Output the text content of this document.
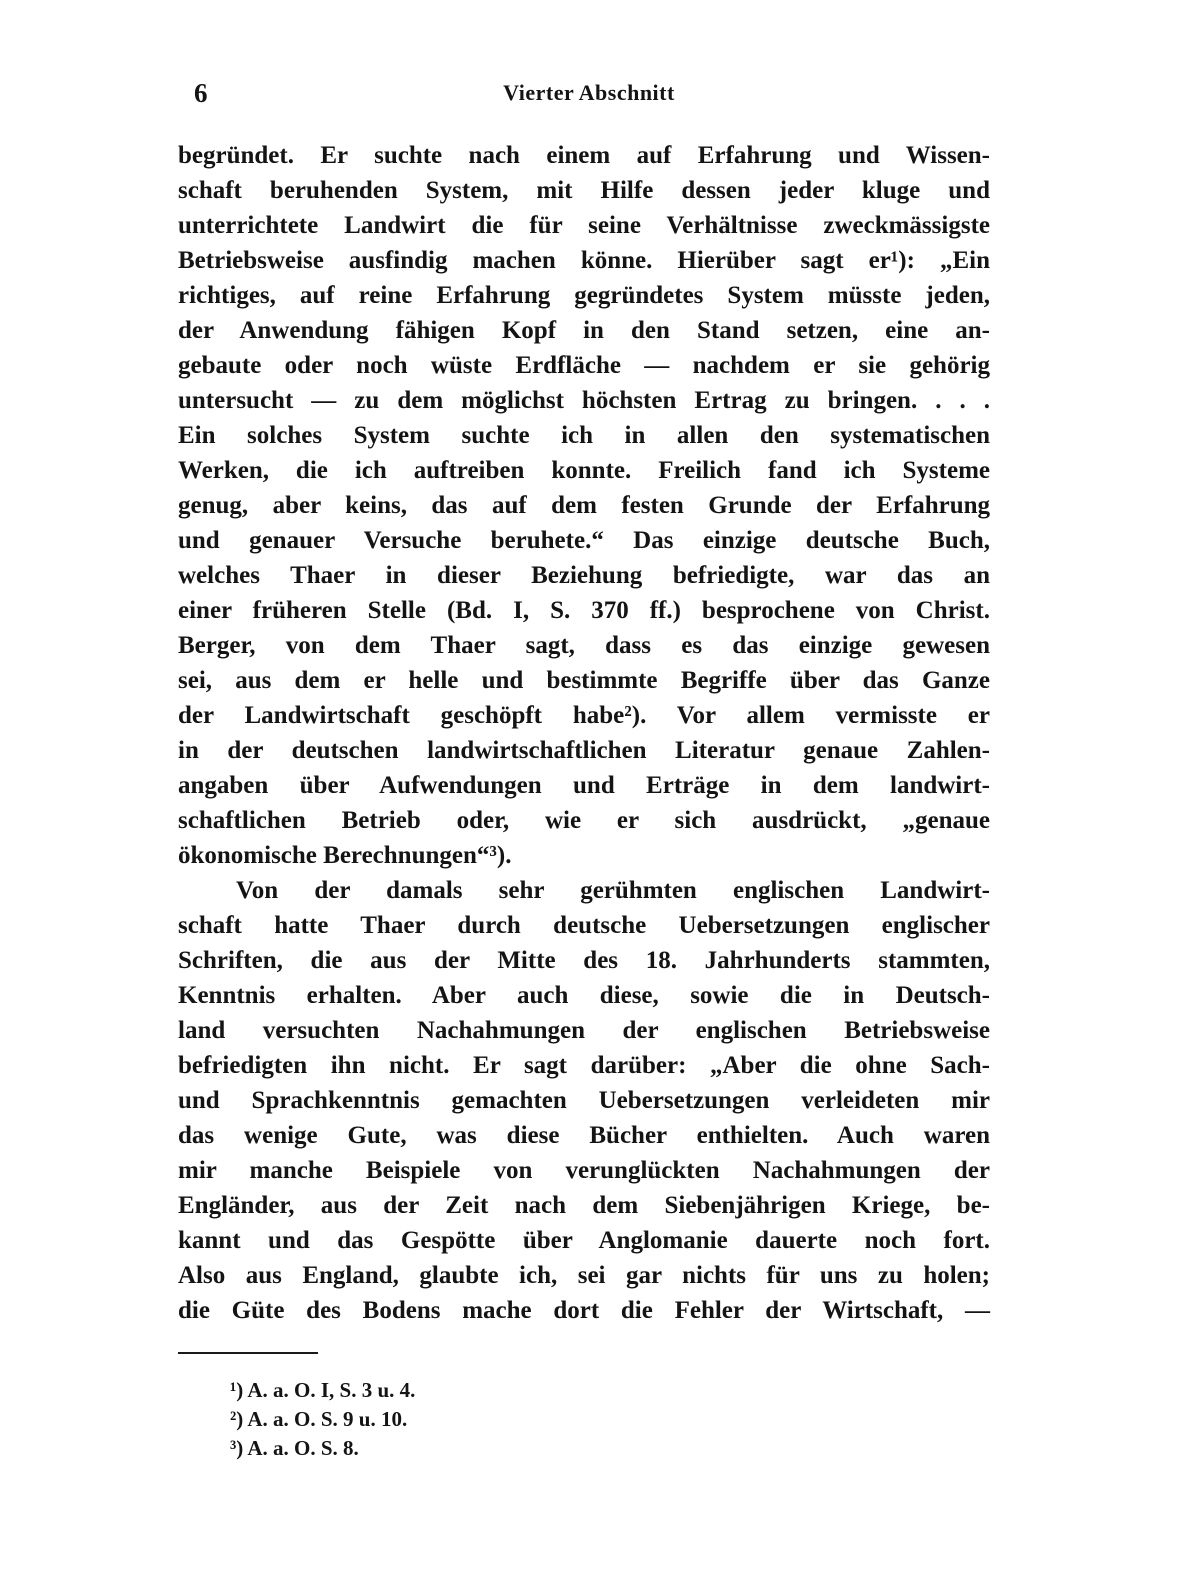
6	Vierter Abschnitt
begründet. Er suchte nach einem auf Erfahrung und Wissen-
schaft beruhenden System, mit Hilfe dessen jeder kluge und
unterrichtete Landwirt die für seine Verhältnisse zweckmässigste
Betriebsweise ausfindig machen könne. Hierüber sagt er¹): „Ein
richtiges, auf reine Erfahrung gegründetes System müsste jeden,
der Anwendung fähigen Kopf in den Stand setzen, eine an-
gebaute oder noch wüste Erdfläche — nachdem er sie gehörig
untersucht — zu dem möglichst höchsten Ertrag zu bringen. . . .
Ein solches System suchte ich in allen den systematischen
Werken, die ich auftreiben konnte. Freilich fand ich Systeme
genug, aber keins, das auf dem festen Grunde der Erfahrung
und genauer Versuche beruhete.“ Das einzige deutsche Buch,
welches Thaer in dieser Beziehung befriedigte, war das an
einer früheren Stelle (Bd. I, S. 370 ff.) besprochene von Christ.
Berger, von dem Thaer sagt, dass es das einzige gewesen
sei, aus dem er helle und bestimmte Begriffe über das Ganze
der Landwirtschaft geschöpft habe²). Vor allem vermisste er
in der deutschen landwirtschaftlichen Literatur genaue Zahlen-
angaben über Aufwendungen und Erträge in dem landwirt-
schaftlichen Betrieb oder, wie er sich ausdrückt, „genaue
ökonomische Berechnungen“³).
Von der damals sehr gerühmten englischen Landwirt-
schaft hatte Thaer durch deutsche Uebersetzungen englischer
Schriften, die aus der Mitte des 18. Jahrhunderts stammten,
Kenntnis erhalten. Aber auch diese, sowie die in Deutsch-
land versuchten Nachahmungen der englischen Betriebsweise
befriedigten ihn nicht. Er sagt darüber: „Aber die ohne Sach-
und Sprachkenntnis gemachten Uebersetzungen verleideten mir
das wenige Gute, was diese Bücher enthielten. Auch waren
mir manche Beispiele von verunglückten Nachahmungen der
Engländer, aus der Zeit nach dem Siebenjährigen Kriege, be-
kannt und das Gespötte über Anglomanie dauerte noch fort.
Also aus England, glaubte ich, sei gar nichts für uns zu holen;
die Güte des Bodens mache dort die Fehler der Wirtschaft, —
¹) A. a. O. I, S. 3 u. 4.
²) A. a. O. S. 9 u. 10.
³) A. a. O. S. 8.
